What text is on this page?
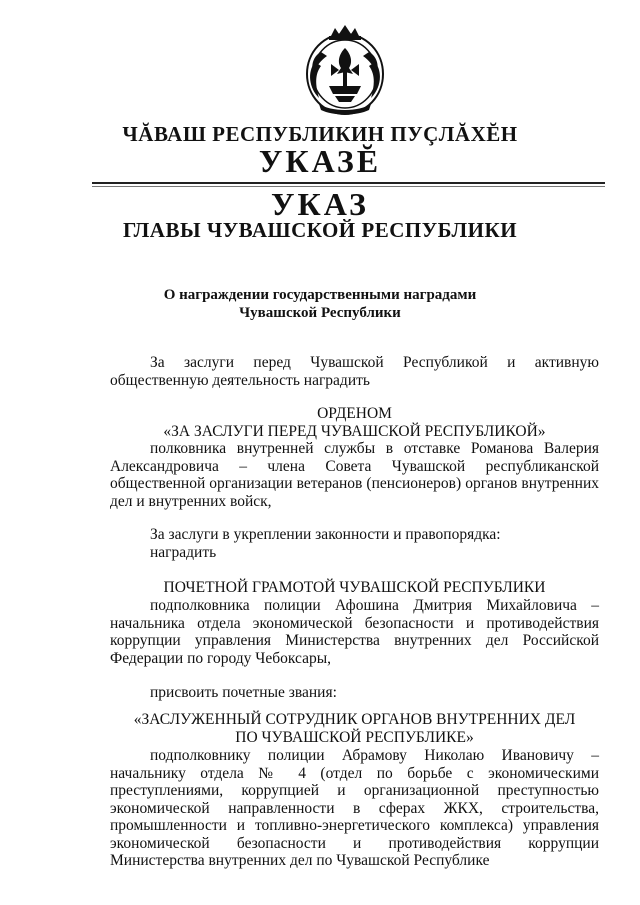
ЧĂВАШ РЕСПУБЛИКИН ПУÇЛĂХĔН
УКАЗĔ
УКАЗ
ГЛАВЫ ЧУВАШСКОЙ РЕСПУБЛИКИ
О награждении государственными наградами
Чувашской Республики

За заслуги перед Чувашской Республикой и активную общественную деятельность наградить

ОРДЕНОМ
«ЗА ЗАСЛУГИ ПЕРЕД ЧУВАШСКОЙ РЕСПУБЛИКОЙ»

полковника внутренней службы в отставке Романова Валерия Александровича – члена Совета Чувашской республиканской общественной организации ветеранов (пенсионеров) органов внутренних дел и внутренних войск,

За заслуги в укреплении законности и правопорядка:
наградить
ПОЧЕТНОЙ ГРАМОТОЙ ЧУВАШСКОЙ РЕСПУБЛИКИ

подполковника полиции Афошина Дмитрия Михайловича – начальника отдела экономической безопасности и противодействия коррупции управления Министерства внутренних дел Российской Федерации по городу Чебоксары,

присвоить почетные звания:

«ЗАСЛУЖЕННЫЙ СОТРУДНИК ОРГАНОВ ВНУТРЕННИХ ДЕЛ
ПО ЧУВАШСКОЙ РЕСПУБЛИКЕ»

подполковнику полиции Абрамову Николаю Ивановичу – начальнику отдела № 4 (отдел по борьбе с экономическими преступлениями, коррупцией и организационной преступностью экономической направленности в сферах ЖКХ, строительства, промышленности и топливно-энергетического комплекса) управления экономической безопасности и противодействия коррупции Министерства внутренних дел по Чувашской Республике
